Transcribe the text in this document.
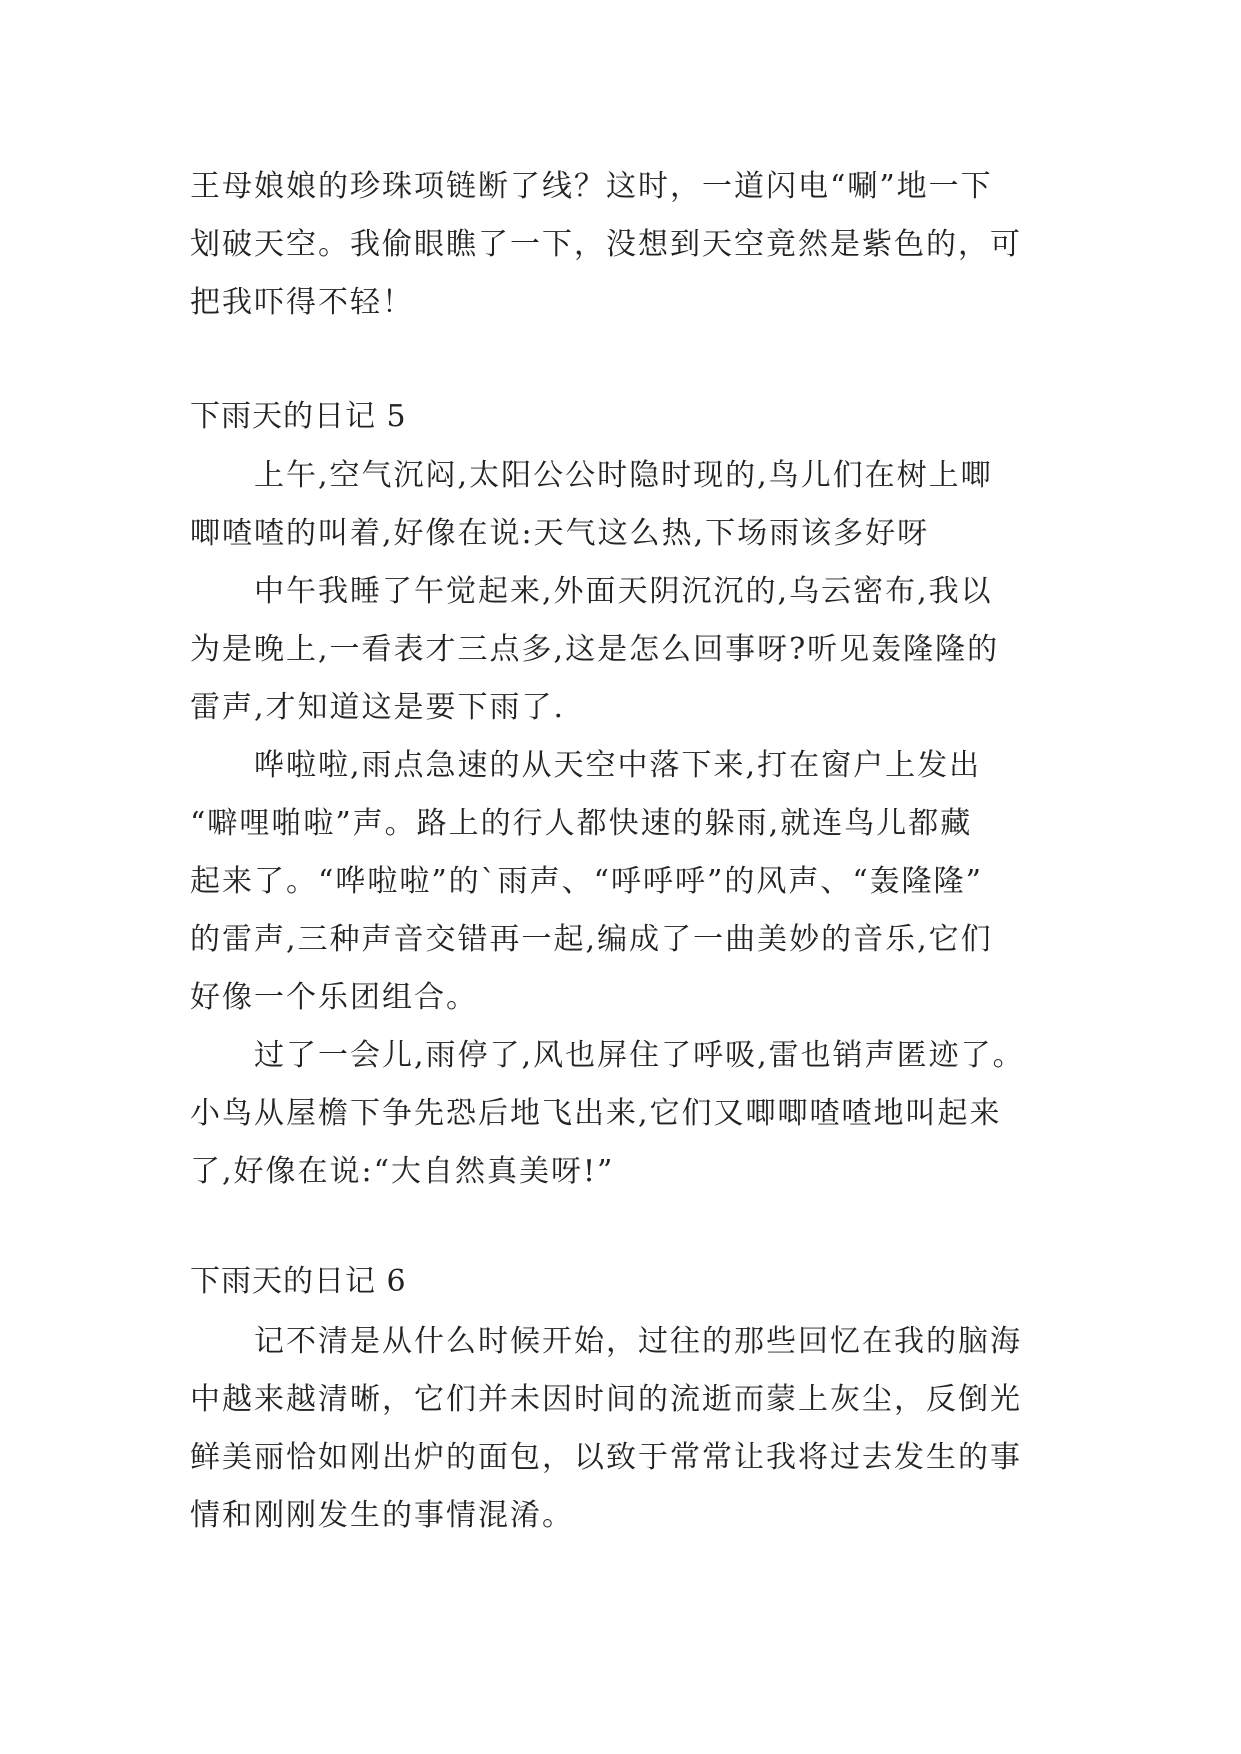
王母娘娘的珍珠项链断了线？这时，一道闪电“唰”地一下
划破天空。我偷眼瞧了一下，没想到天空竟然是紫色的，可
把我吓得不轻！
下雨天的日记 5
上午,空气沉闷,太阳公公时隐时现的,鸟儿们在树上唧
唧喳喳的叫着,好像在说:天气这么热,下场雨该多好呀
中午我睡了午觉起来,外面天阴沉沉的,乌云密布,我以
为是晚上,一看表才三点多,这是怎么回事呀?听见轰隆隆的
雷声,才知道这是要下雨了.
哗啦啦,雨点急速的从天空中落下来,打在窗户上发出
“噼哩啪啦”声。路上的行人都快速的躲雨,就连鸟儿都藏
起来了。“哗啦啦”的`雨声、“呼呼呼”的风声、“轰隆隆”
的雷声,三种声音交错再一起,编成了一曲美妙的音乐,它们
好像一个乐团组合。
过了一会儿,雨停了,风也屏住了呼吸,雷也销声匿迹了。
小鸟从屋檐下争先恐后地飞出来,它们又唧唧喳喳地叫起来
了,好像在说:“大自然真美呀!”
下雨天的日记 6
记不清是从什么时候开始，过往的那些回忆在我的脑海
中越来越清晰，它们并未因时间的流逝而蒙上灰尘，反倒光
鲜美丽恰如刚出炉的面包，以致于常常让我将过去发生的事
情和刚刚发生的事情混淆。
